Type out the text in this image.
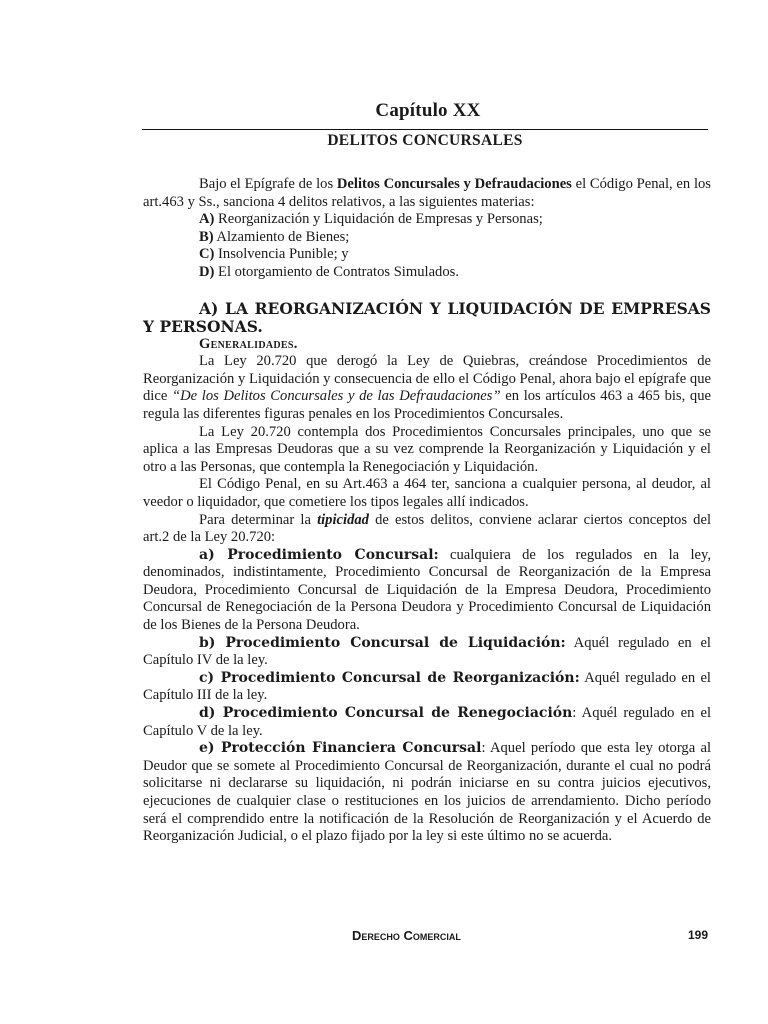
Capítulo XX
DELITOS CONCURSALES

Bajo el Epígrafe de los Delitos Concursales y Defraudaciones el Código Penal, en los art.463 y Ss., sanciona 4 delitos relativos, a las siguientes materias:

A) Reorganización y Liquidación de Empresas y Personas;

B) Alzamiento de Bienes;

C) Insolvencia Punible; y

D) El otorgamiento de Contratos Simulados.

A) LA REORGANIZACIÓN Y LIQUIDACIÓN DE EMPRESAS Y PERSONAS.

Generalidades.

La Ley 20.720 que derogó la Ley de Quiebras, creándose Procedimientos de Reorganización y Liquidación y consecuencia de ello el Código Penal, ahora bajo el epígrafe que dice “De los Delitos Concursales y de las Defraudaciones” en los artículos 463 a 465 bis, que regula las diferentes figuras penales en los Procedimientos Concursales.

La Ley 20.720 contempla dos Procedimientos Concursales principales, uno que se aplica a las Empresas Deudoras que a su vez comprende la Reorganización y Liquidación y el otro a las Personas, que contempla la Renegociación y Liquidación.

El Código Penal, en su Art.463 a 464 ter, sanciona a cualquier persona, al deudor, al veedor o liquidador, que cometiere los tipos legales allí indicados.

Para determinar la tipicidad de estos delitos, conviene aclarar ciertos conceptos del art.2 de la Ley 20.720:

a) Procedimiento Concursal: cualquiera de los regulados en la ley, denominados, indistintamente, Procedimiento Concursal de Reorganización de la Empresa Deudora, Procedimiento Concursal de Liquidación de la Empresa Deudora, Procedimiento Concursal de Renegociación de la Persona Deudora y Procedimiento Concursal de Liquidación de los Bienes de la Persona Deudora.

b) Procedimiento Concursal de Liquidación: Aquél regulado en el Capítulo IV de la ley.

c) Procedimiento Concursal de Reorganización: Aquél regulado en el Capítulo III de la ley.

d) Procedimiento Concursal de Renegociación: Aquél regulado en el Capítulo V de la ley.

e) Protección Financiera Concursal: Aquel período que esta ley otorga al Deudor que se somete al Procedimiento Concursal de Reorganización, durante el cual no podrá solicitarse ni declararse su liquidación, ni podrán iniciarse en su contra juicios ejecutivos, ejecuciones de cualquier clase o restituciones en los juicios de arrendamiento. Dicho período será el comprendido entre la notificación de la Resolución de Reorganización y el Acuerdo de Reorganización Judicial, o el plazo fijado por la ley si este último no se acuerda.

Derecho Comercial	199
